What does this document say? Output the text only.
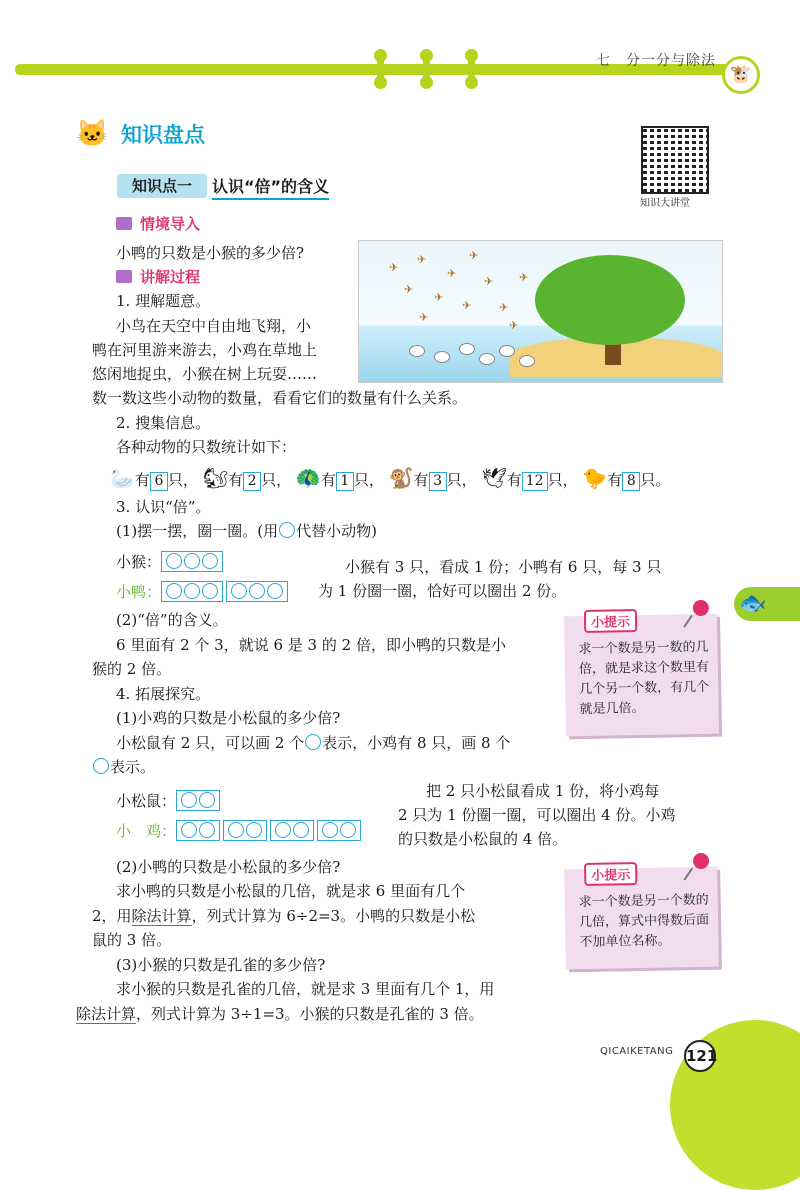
七　分一分与除法
🐮
🐱 知识盘点
知识点一	认识“倍”的含义
知识大讲堂
情境导入
小鸭的只数是小猴的多少倍?
✈
✈
✈
✈
✈
✈
✈
✈
✈
✈
✈
✈
讲解过程
1. 理解题意。
小鸟在天空中自由地飞翔，小
鸭在河里游来游去，小鸡在草地上
悠闲地捉虫，小猴在树上玩耍……
数一数这些小动物的数量，看看它们的数量有什么关系。
2. 搜集信息。
各种动物的只数统计如下：
🦢有 6 只， 🐿有 2 只， 🦚有 1 只， 🐒有 3 只， 🕊有 12 只， 🐤有 8 只。
3. 认识“倍”。
(1)摆一摆，圈一圈。(用 代替小动物)
小猴：
小鸭：
小猴有 3 只，看成 1 份；小鸭有 6 只，每 3 只
为 1 份圈一圈，恰好可以圈出 2 份。
(2)“倍”的含义。
6 里面有 2 个 3，就说 6 是 3 的 2 倍，即小鸭的只数是小
猴的 2 倍。
4. 拓展探究。
(1)小鸡的只数是小松鼠的多少倍?
小松鼠有 2 只，可以画 2 个 表示，小鸡有 8 只，画 8 个
表示。
小松鼠：
小　鸡：
把 2 只小松鼠看成 1 份，将小鸡每
2 只为 1 份圈一圈，可以圈出 4 份。小鸡
的只数是小松鼠的 4 倍。
(2)小鸭的只数是小松鼠的多少倍?
求小鸭的只数是小松鼠的几倍，就是求 6 里面有几个
2，用除法计算，列式计算为 6÷2=3。小鸭的只数是小松
鼠的 3 倍。
(3)小猴的只数是孔雀的多少倍?
求小猴的只数是孔雀的几倍，就是求 3 里面有几个 1，用
除法计算，列式计算为 3÷1=3。小猴的只数是孔雀的 3 倍。
小提示
求一个数是另一数的几倍，就是求这个数里有几个另一个数，有几个就是几倍。
小提示
求一个数是另一个数的几倍，算式中得数后面不加单位名称。
🐟
QICAIKETANG 121
